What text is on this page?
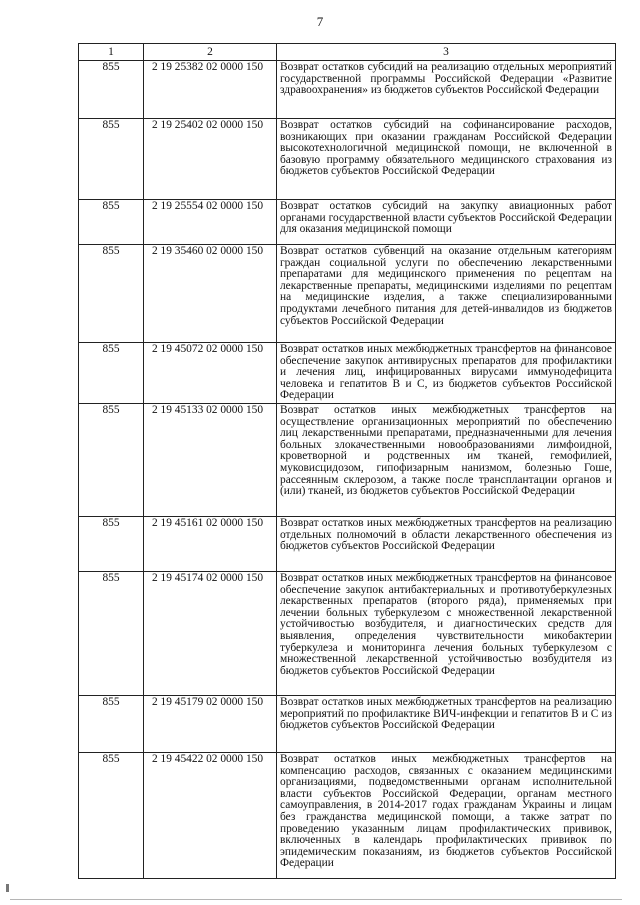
7
1	2	3
855	2 19 25382 02 0000 150	Возврат остатков субсидий на реализацию отдельных мероприятий государственной программы Российской Федерации «Развитие здравоохранения» из бюджетов субъектов Российской Федерации
855	2 19 25402 02 0000 150	Возврат остатков субсидий на софинансирование расходов, возникающих при оказании гражданам Российской Федерации высокотехнологичной медицинской помощи, не включенной в базовую программу обязательного медицинского страхования из бюджетов субъектов Российской Федерации
855	2 19 25554 02 0000 150	Возврат остатков субсидий на закупку авиационных работ органами государственной власти субъектов Российской Федерации для оказания медицинской помощи
855	2 19 35460 02 0000 150	Возврат остатков субвенций на оказание отдельным категориям граждан социальной услуги по обеспечению лекарственными препаратами для медицинского применения по рецептам на лекарственные препараты, медицинскими изделиями по рецептам на медицинские изделия, а также специализированными продуктами лечебного питания для детей-инвалидов из бюджетов субъектов Российской Федерации
855	2 19 45072 02 0000 150	Возврат остатков иных межбюджетных трансфертов на финансовое обеспечение закупок антивирусных препаратов для профилактики и лечения лиц, инфицированных вирусами иммунодефицита человека и гепатитов B и C, из бюджетов субъектов Российской Федерации
855	2 19 45133 02 0000 150	Возврат остатков иных межбюджетных трансфертов на осуществление организационных мероприятий по обеспечению лиц лекарственными препаратами, предназначенными для лечения больных злокачественными новообразованиями лимфоидной, кроветворной и родственных им тканей, гемофилией, муковисцидозом, гипофизарным нанизмом, болезнью Гоше, рассеянным склерозом, а также после трансплантации органов и (или) тканей, из бюджетов субъектов Российской Федерации
855	2 19 45161 02 0000 150	Возврат остатков иных межбюджетных трансфертов на реализацию отдельных полномочий в области лекарственного обеспечения из бюджетов субъектов Российской Федерации
855	2 19 45174 02 0000 150	Возврат остатков иных межбюджетных трансфертов на финансовое обеспечение закупок антибактериальных и противотуберкулезных лекарственных препаратов (второго ряда), применяемых при лечении больных туберкулезом с множественной лекарственной устойчивостью возбудителя, и диагностических средств для выявления, определения чувствительности микобактерии туберкулеза и мониторинга лечения больных туберкулезом с множественной лекарственной устойчивостью возбудителя из бюджетов субъектов Российской Федерации
855	2 19 45179 02 0000 150	Возврат остатков иных межбюджетных трансфертов на реализацию мероприятий по профилактике ВИЧ-инфекции и гепатитов B и C из бюджетов субъектов Российской Федерации
855	2 19 45422 02 0000 150	Возврат остатков иных межбюджетных трансфертов на компенсацию расходов, связанных с оказанием медицинскими организациями, подведомственными органам исполнительной власти субъектов Российской Федерации, органам местного самоуправления, в 2014-2017 годах гражданам Украины и лицам без гражданства медицинской помощи, а также затрат по проведению указанным лицам профилактических прививок, включенных в календарь профилактических прививок по эпидемическим показаниям, из бюджетов субъектов Российской Федерации
